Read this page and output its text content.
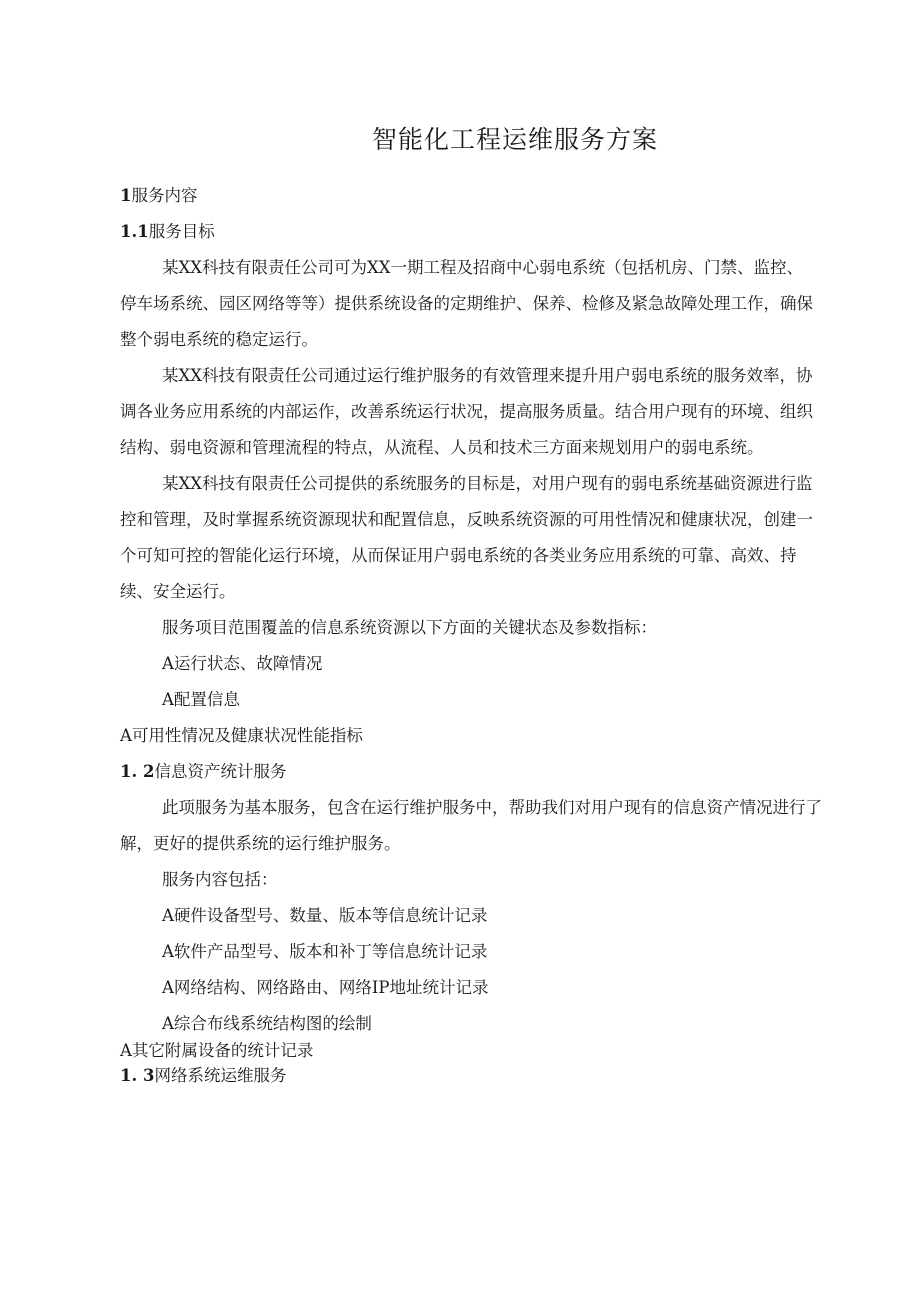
智能化工程运维服务方案
1服务内容
1.1服务目标
某XX科技有限责任公司可为XX一期工程及招商中心弱电系统（包括机房、门禁、监控、
停车场系统、园区网络等等）提供系统设备的定期维护、保养、检修及紧急故障处理工作，确保
整个弱电系统的稳定运行。
某XX科技有限责任公司通过运行维护服务的有效管理来提升用户弱电系统的服务效率，协
调各业务应用系统的内部运作，改善系统运行状况，提高服务质量。结合用户现有的环境、组织
结构、弱电资源和管理流程的特点，从流程、人员和技术三方面来规划用户的弱电系统。
某XX科技有限责任公司提供的系统服务的目标是，对用户现有的弱电系统基础资源进行监
控和管理，及时掌握系统资源现状和配置信息，反映系统资源的可用性情况和健康状况，创建一
个可知可控的智能化运行环境，从而保证用户弱电系统的各类业务应用系统的可靠、高效、持
续、安全运行。
服务项目范围覆盖的信息系统资源以下方面的关键状态及参数指标：
A运行状态、故障情况
A配置信息
A可用性情况及健康状况性能指标
1. 2信息资产统计服务
此项服务为基本服务，包含在运行维护服务中，帮助我们对用户现有的信息资产情况进行了
解，更好的提供系统的运行维护服务。
服务内容包括：
A硬件设备型号、数量、版本等信息统计记录
A软件产品型号、版本和补丁等信息统计记录
A网络结构、网络路由、网络IP地址统计记录
A综合布线系统结构图的绘制
A其它附属设备的统计记录
1. 3网络系统运维服务
